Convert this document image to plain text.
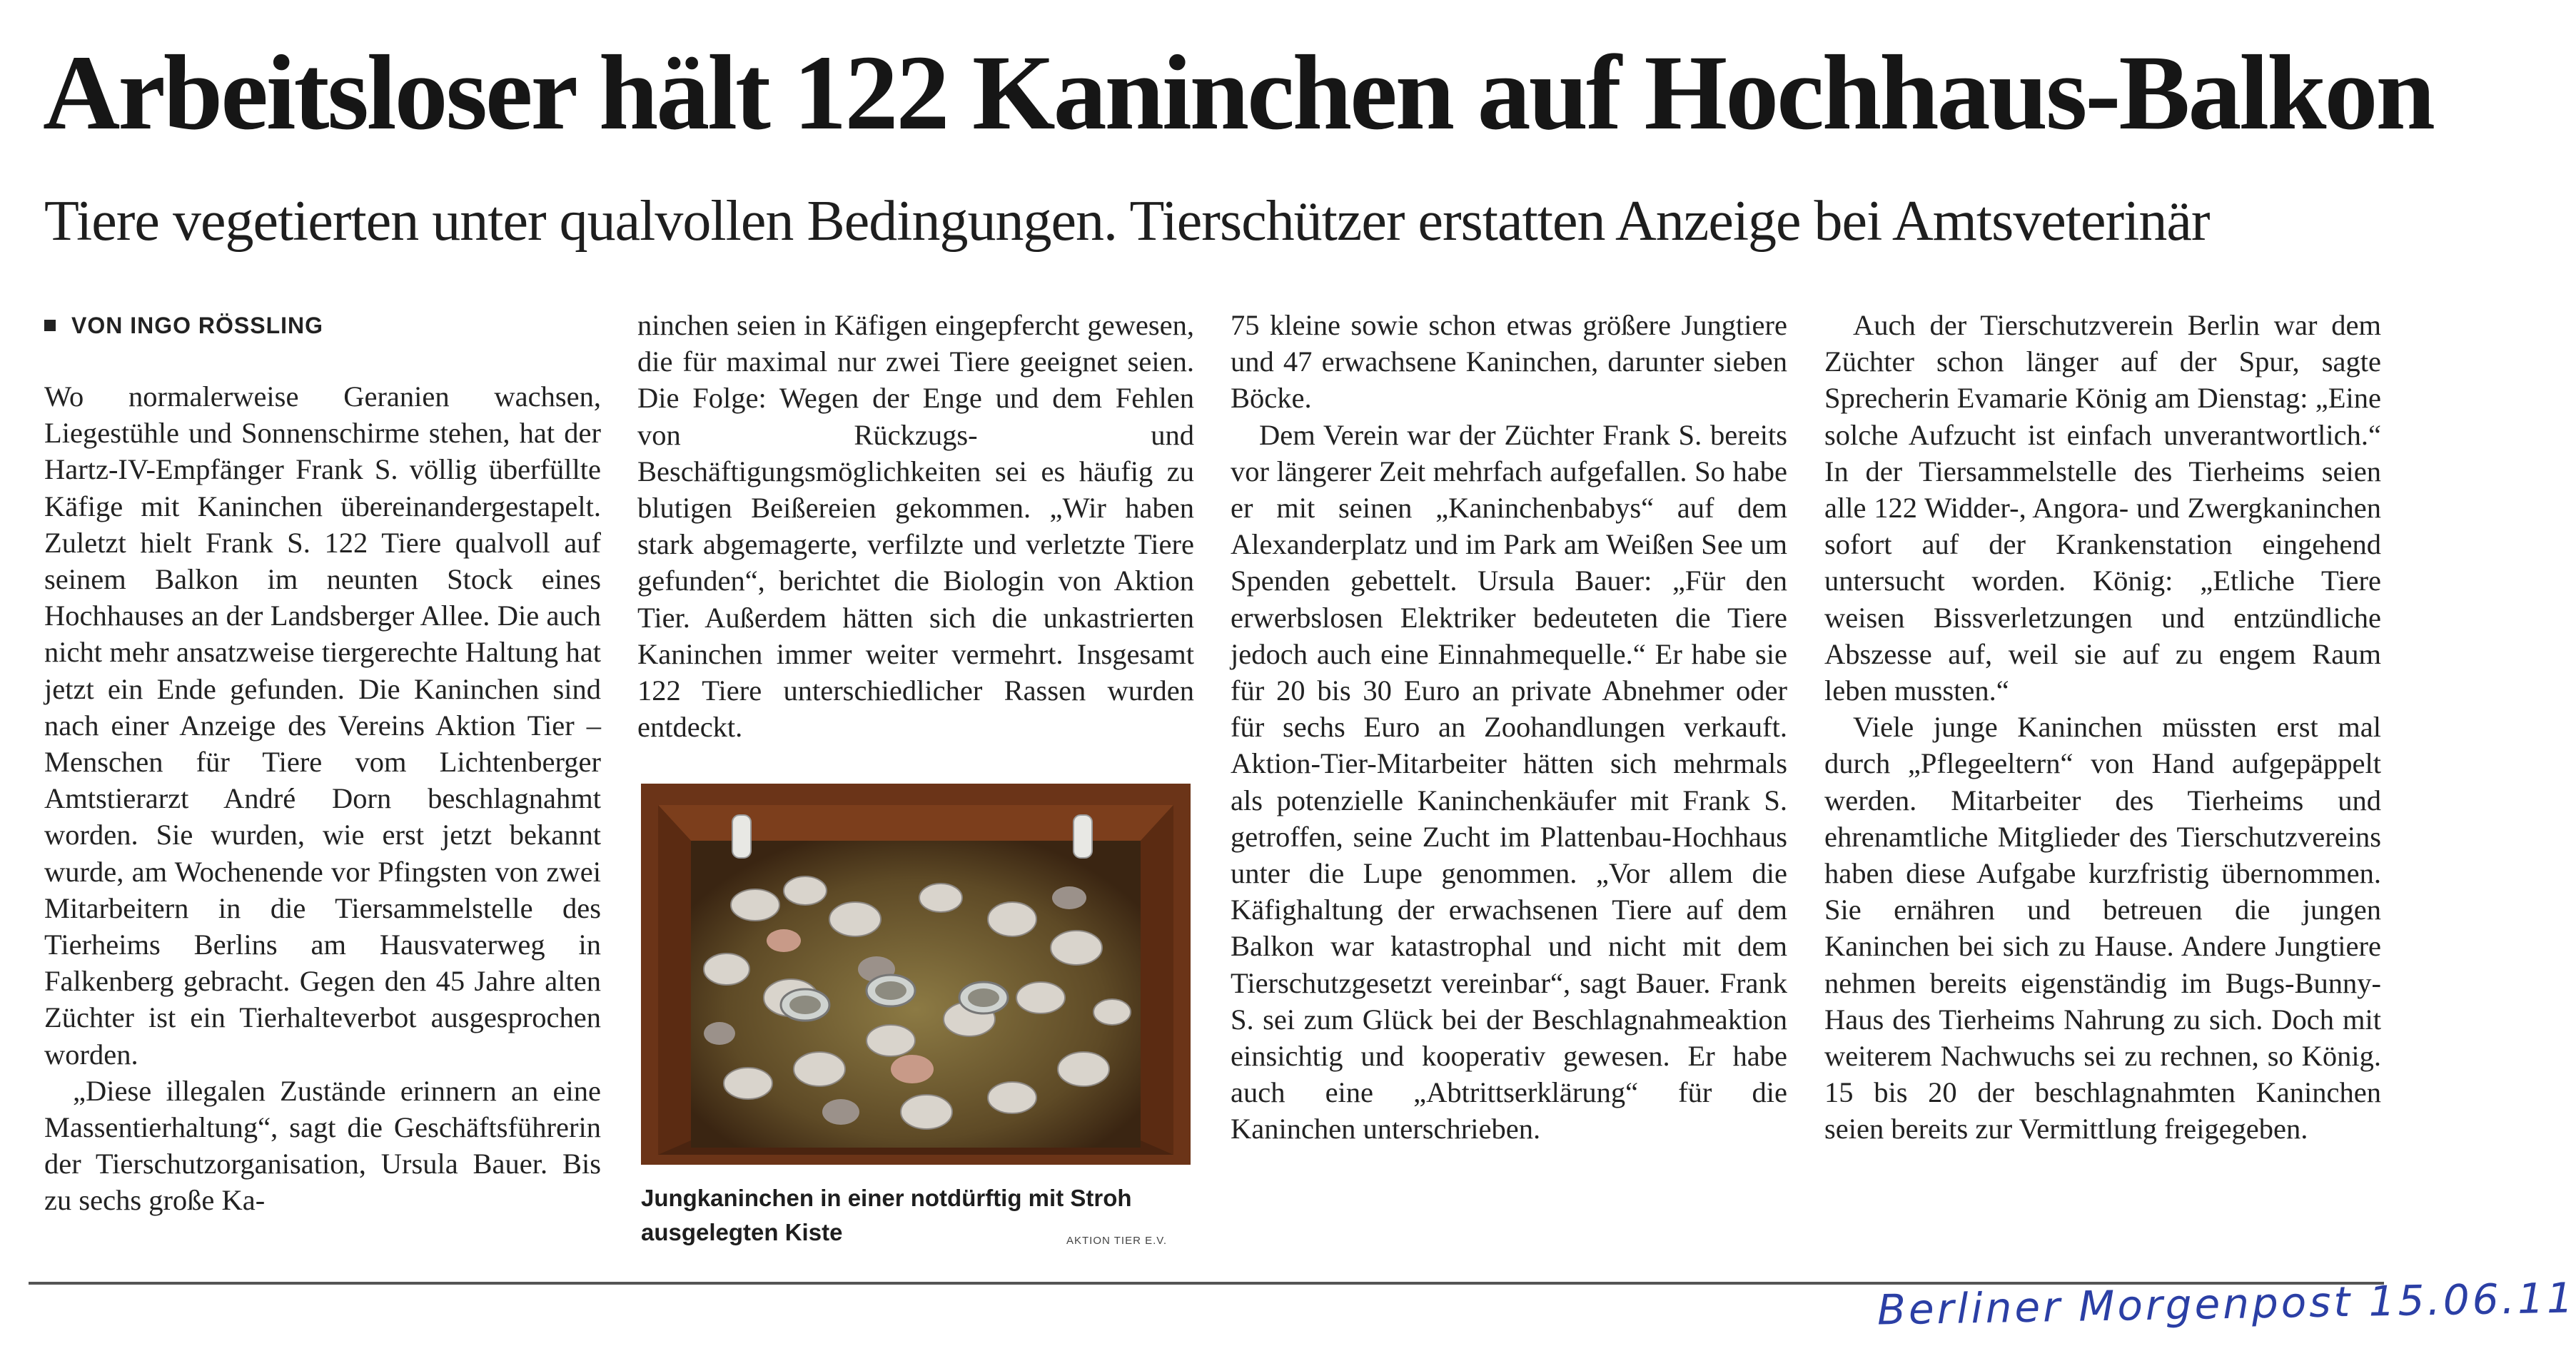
Arbeitsloser hält 122 Kaninchen auf Hochhaus-Balkon
Tiere vegetierten unter qualvollen Bedingungen. Tierschützer erstatten Anzeige bei Amtsveterinär
VON INGO RÖSSLING

Wo normalerweise Geranien wachsen, Liegestühle und Sonnenschirme stehen, hat der Hartz-IV-Empfänger Frank S. völlig überfüllte Käfige mit Kaninchen übereinandergestapelt. Zuletzt hielt Frank S. 122 Tiere qualvoll auf seinem Balkon im neunten Stock eines Hochhauses an der Landsberger Allee. Die auch nicht mehr ansatzweise tiergerechte Haltung hat jetzt ein Ende gefunden. Die Kaninchen sind nach einer Anzeige des Vereins Aktion Tier – Menschen für Tiere vom Lichtenberger Amtstierarzt André Dorn beschlagnahmt worden. Sie wurden, wie erst jetzt bekannt wurde, am Wochenende vor Pfingsten von zwei Mitarbeitern in die Tiersammelstelle des Tierheims Berlins am Hausvaterweg in Falkenberg gebracht. Gegen den 45 Jahre alten Züchter ist ein Tierhalteverbot ausgesprochen worden.

„Diese illegalen Zustände erinnern an eine Massentierhaltung“, sagt die Geschäftsführerin der Tierschutzorganisation, Ursula Bauer. Bis zu sechs große Ka-

ninchen seien in Käfigen eingepfercht gewesen, die für maximal nur zwei Tiere geeignet seien. Die Folge: Wegen der Enge und dem Fehlen von Rückzugs- und Beschäftigungsmöglichkeiten sei es häufig zu blutigen Beißereien gekommen. „Wir haben stark abgemagerte, verfilzte und verletzte Tiere gefunden“, berichtet die Biologin von Aktion Tier. Außerdem hätten sich die unkastrierten Kaninchen immer weiter vermehrt. Insgesamt 122 Tiere unterschiedlicher Rassen wurden entdeckt.

Jungkaninchen in einer notdürftig mit Stroh ausgelegten Kiste	AKTION TIER E.V.

75 kleine sowie schon etwas größere Jungtiere und 47 erwachsene Kaninchen, darunter sieben Böcke.

Dem Verein war der Züchter Frank S. bereits vor längerer Zeit mehrfach aufgefallen. So habe er mit seinen „Kaninchenbabys“ auf dem Alexanderplatz und im Park am Weißen See um Spenden gebettelt. Ursula Bauer: „Für den erwerbslosen Elektriker bedeuteten die Tiere jedoch auch eine Einnahmequelle.“ Er habe sie für 20 bis 30 Euro an private Abnehmer oder für sechs Euro an Zoohandlungen verkauft. Aktion-Tier-Mitarbeiter hätten sich mehrmals als potenzielle Kaninchenkäufer mit Frank S. getroffen, seine Zucht im Plattenbau-Hochhaus unter die Lupe genommen. „Vor allem die Käfighaltung der erwachsenen Tiere auf dem Balkon war katastrophal und nicht mit dem Tierschutzgesetzt vereinbar“, sagt Bauer. Frank S. sei zum Glück bei der Beschlagnahmeaktion einsichtig und kooperativ gewesen. Er habe auch eine „Abtrittserklärung“ für die Kaninchen unterschrieben.

Auch der Tierschutzverein Berlin war dem Züchter schon länger auf der Spur, sagte Sprecherin Evamarie König am Dienstag: „Eine solche Aufzucht ist einfach unverantwortlich.“ In der Tiersammelstelle des Tierheims seien alle 122 Widder-, Angora- und Zwergkaninchen sofort auf der Krankenstation eingehend untersucht worden. König: „Etliche Tiere weisen Bissverletzungen und entzündliche Abszesse auf, weil sie auf zu engem Raum leben mussten.“

Viele junge Kaninchen müssten erst mal durch „Pflegeeltern“ von Hand aufgepäppelt werden. Mitarbeiter des Tierheims und ehrenamtliche Mitglieder des Tierschutzvereins haben diese Aufgabe kurzfristig übernommen. Sie ernähren und betreuen die jungen Kaninchen bei sich zu Hause. Andere Jungtiere nehmen bereits eigenständig im Bugs-Bunny-Haus des Tierheims Nahrung zu sich. Doch mit weiterem Nachwuchs sei zu rechnen, so König. 15 bis 20 der beschlagnahmten Kaninchen seien bereits zur Vermittlung freigegeben.

Berliner Morgenpost 15.06.11
